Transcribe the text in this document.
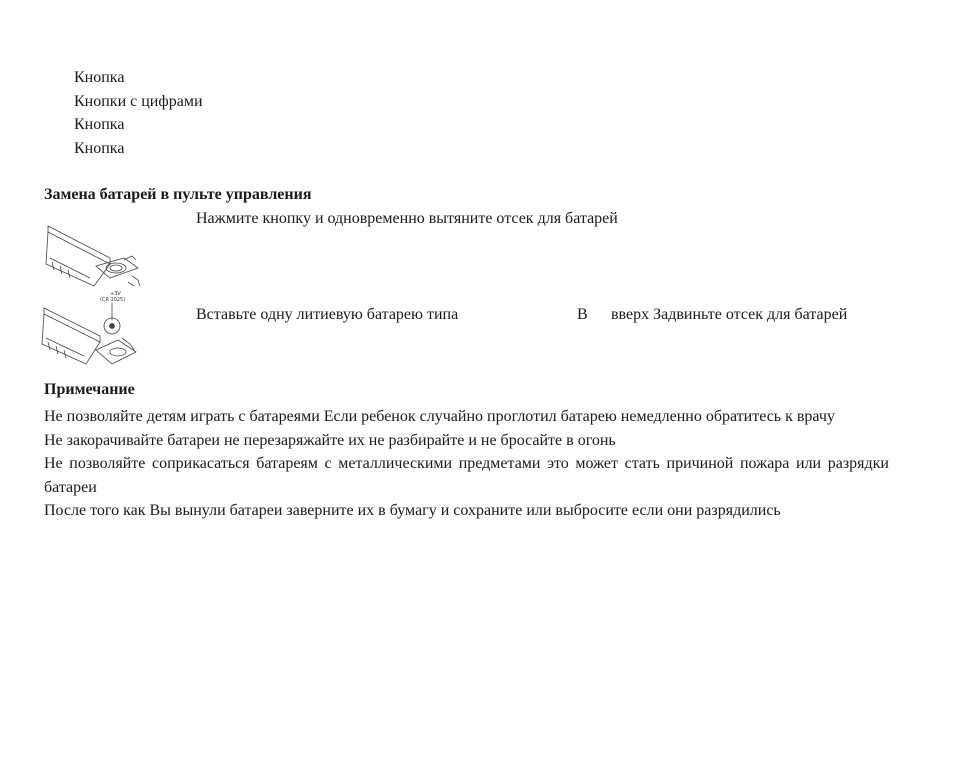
Кнопка
Кнопки с цифрами
Кнопка
Кнопка
Замена батарей в пульте управления
+3V
(CR 2025)
Нажмите кнопку и одновременно вытяните отсек для батарей
Вставьте одну литиевую батарею типа	В вверх Задвиньте отсек для батарей
Примечание

Не позволяйте детям играть с батареями Если ребенок случайно проглотил батарею немедленно обратитесь к врачу

Не закорачивайте батареи не перезаряжайте их не разбирайте и не бросайте в огонь

Не позволяйте соприкасаться батареям с металлическими предметами это может стать причиной пожара или разрядки батареи

После того как Вы вынули батареи заверните их в бумагу и сохраните или выбросите если они разрядились
